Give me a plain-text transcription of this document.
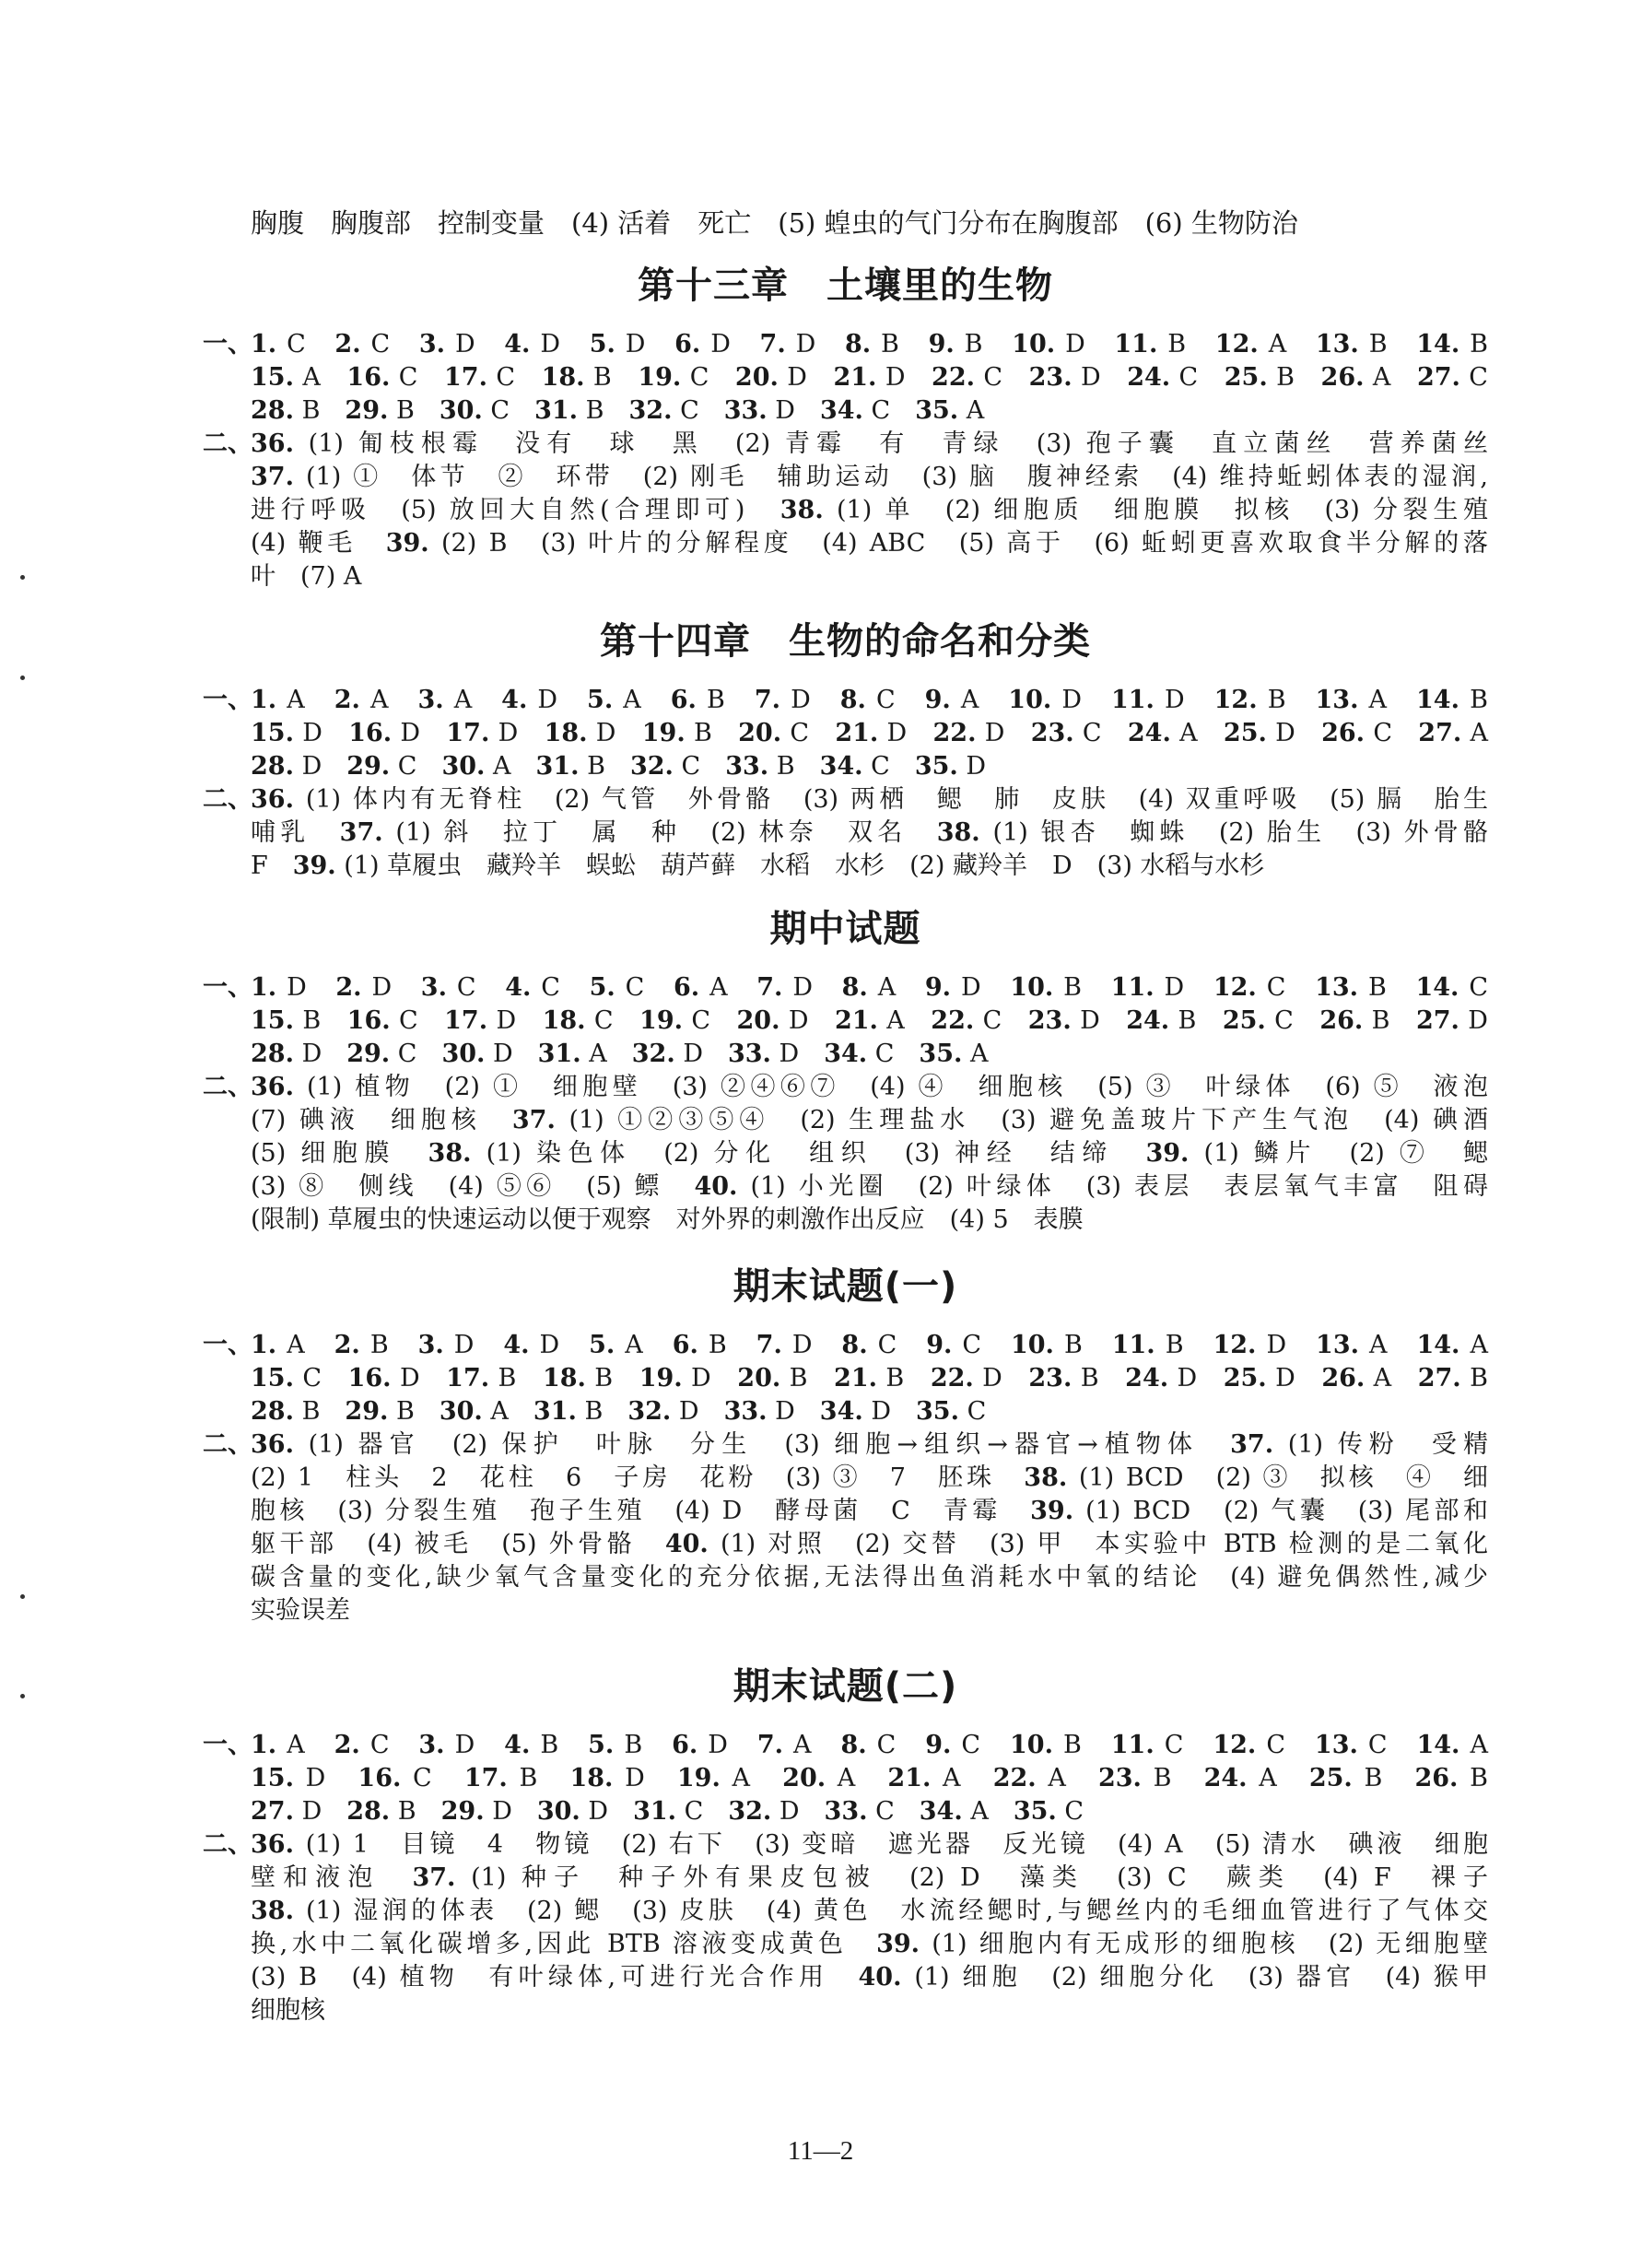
胸腹　胸腹部　控制变量　(4) 活着　死亡　(5) 蝗虫的气门分布在胸腹部　(6) 生物防治
第十三章　土壤里的生物
一、
1. C　2. C　3. D　4. D　5. D　6. D　7. D　8. B　9. B　10. D　11. B　12. A　13. B　14. B
15. A　16. C　17. C　18. B　19. C　20. D　21. D　22. C　23. D　24. C　25. B　26. A　27. C
28. B　29. B　30. C　31. B　32. C　33. D　34. C　35. A
二、
36. (1) 匍枝根霉　没有　球　黑　(2) 青霉　有　青绿　(3) 孢子囊　直立菌丝　营养菌丝
37. (1) ①　体节　②　环带　(2) 刚毛　辅助运动　(3) 脑　腹神经索　(4) 维持蚯蚓体表的湿润,
进行呼吸　(5) 放回大自然(合理即可)　38. (1) 单　(2) 细胞质　细胞膜　拟核　(3) 分裂生殖
(4) 鞭毛　39. (2) B　(3) 叶片的分解程度　(4) ABC　(5) 高于　(6) 蚯蚓更喜欢取食半分解的落
叶　(7) A
第十四章　生物的命名和分类
一、
1. A　2. A　3. A　4. D　5. A　6. B　7. D　8. C　9. A　10. D　11. D　12. B　13. A　14. B
15. D　16. D　17. D　18. D　19. B　20. C　21. D　22. D　23. C　24. A　25. D　26. C　27. A
28. D　29. C　30. A　31. B　32. C　33. B　34. C　35. D
二、
36. (1) 体内有无脊柱　(2) 气管　外骨骼　(3) 两栖　鳃　肺　皮肤　(4) 双重呼吸　(5) 膈　胎生
哺乳　37. (1) 斜　拉丁　属　种　(2) 林奈　双名　38. (1) 银杏　蜘蛛　(2) 胎生　(3) 外骨骼
F　39. (1) 草履虫　藏羚羊　蜈蚣　葫芦藓　水稻　水杉　(2) 藏羚羊　D　(3) 水稻与水杉
期中试题
一、
1. D　2. D　3. C　4. C　5. C　6. A　7. D　8. A　9. D　10. B　11. D　12. C　13. B　14. C
15. B　16. C　17. D　18. C　19. C　20. D　21. A　22. C　23. D　24. B　25. C　26. B　27. D
28. D　29. C　30. D　31. A　32. D　33. D　34. C　35. A
二、
36. (1) 植物　(2) ①　细胞壁　(3) ②④⑥⑦　(4) ④　细胞核　(5) ③　叶绿体　(6) ⑤　液泡
(7) 碘液　细胞核　37. (1) ①②③⑤④　(2) 生理盐水　(3) 避免盖玻片下产生气泡　(4) 碘酒
(5) 细胞膜　38. (1) 染色体　(2) 分化　组织　(3) 神经　结缔　39. (1) 鳞片　(2) ⑦　鳃
(3) ⑧　侧线　(4) ⑤⑥　(5) 鳔　40. (1) 小光圈　(2) 叶绿体　(3) 表层　表层氧气丰富　阻碍
(限制) 草履虫的快速运动以便于观察　对外界的刺激作出反应　(4) 5　表膜
期末试题(一)
一、
1. A　2. B　3. D　4. D　5. A　6. B　7. D　8. C　9. C　10. B　11. B　12. D　13. A　14. A
15. C　16. D　17. B　18. B　19. D　20. B　21. B　22. D　23. B　24. D　25. D　26. A　27. B
28. B　29. B　30. A　31. B　32. D　33. D　34. D　35. C
二、
36. (1) 器官　(2) 保护　叶脉　分生　(3) 细胞→组织→器官→植物体　37. (1) 传粉　受精
(2) 1　柱头　2　花柱　6　子房　花粉　(3) ③　7　胚珠　38. (1) BCD　(2) ③　拟核　④　细
胞核　(3) 分裂生殖　孢子生殖　(4) D　酵母菌　C　青霉　39. (1) BCD　(2) 气囊　(3) 尾部和
躯干部　(4) 被毛　(5) 外骨骼　40. (1) 对照　(2) 交替　(3) 甲　本实验中 BTB 检测的是二氧化
碳含量的变化,缺少氧气含量变化的充分依据,无法得出鱼消耗水中氧的结论　(4) 避免偶然性,减少
实验误差
期末试题(二)
一、
1. A　2. C　3. D　4. B　5. B　6. D　7. A　8. C　9. C　10. B　11. C　12. C　13. C　14. A
15. D　16. C　17. B　18. D　19. A　20. A　21. A　22. A　23. B　24. A　25. B　26. B
27. D　28. B　29. D　30. D　31. C　32. D　33. C　34. A　35. C
二、
36. (1) 1　目镜　4　物镜　(2) 右下　(3) 变暗　遮光器　反光镜　(4) A　(5) 清水　碘液　细胞
壁和液泡　37. (1) 种子　种子外有果皮包被　(2) D　藻类　(3) C　蕨类　(4) F　裸子
38. (1) 湿润的体表　(2) 鳃　(3) 皮肤　(4) 黄色　水流经鳃时,与鳃丝内的毛细血管进行了气体交
换,水中二氧化碳增多,因此 BTB 溶液变成黄色　39. (1) 细胞内有无成形的细胞核　(2) 无细胞壁
(3) B　(4) 植物　有叶绿体,可进行光合作用　40. (1) 细胞　(2) 细胞分化　(3) 器官　(4) 猴甲
细胞核
11—2
